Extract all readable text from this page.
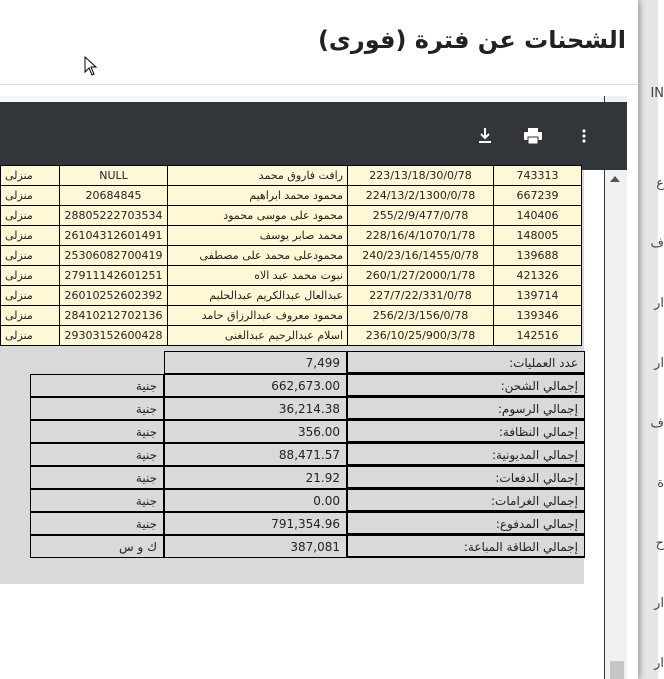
IN
ع
ف
ار
ار
ف
ة
ح
ار
ار
الشحنات عن فترة (فورى)
منزلى	NULL	رافت فاروق محمد	223/13/18/30/0/78	743313
منزلى	20684845	محمود محمد ابراهيم	224/13/2/1300/0/78	667239
منزلى	28805222703534	محمود على موسى محمود	255/2/9/477/0/78	140406
منزلى	26104312601491	محمد صابر يوسف	228/16/4/1070/1/78	148005
منزلى	25306082700419	محمودعلى محمد على مصطفى	240/23/16/1455/0/78	139688
منزلى	27911142601251	نبوت محمد عبد الاه	260/1/27/2000/1/78	421326
منزلى	26010252602392	عبدالعال عبدالكريم عبدالحليم	227/7/22/331/0/78	139714
منزلى	28410212702136	محمود معروف عبدالرزاق حامد	256/2/3/156/0/78	139346
منزلى	29303152600428	اسلام عبدالرحيم عبدالغنى	236/10/25/900/3/78	142516
7,499	عدد العمليات:
جنية	662,673.00	إجمالي الشحن:
جنية	36,214.38	إجمالي الرسوم:
جنية	356.00	إجمالي النظافة:
جنية	88,471.57	إجمالي المديونية:
جنية	21.92	إجمالي الدفعات:
جنية	0.00	إجمالي الغرامات:
جنية	791,354.96	إجمالي المدفوع:
ك و س	387,081	إجمالي الطاقة المباعة:
